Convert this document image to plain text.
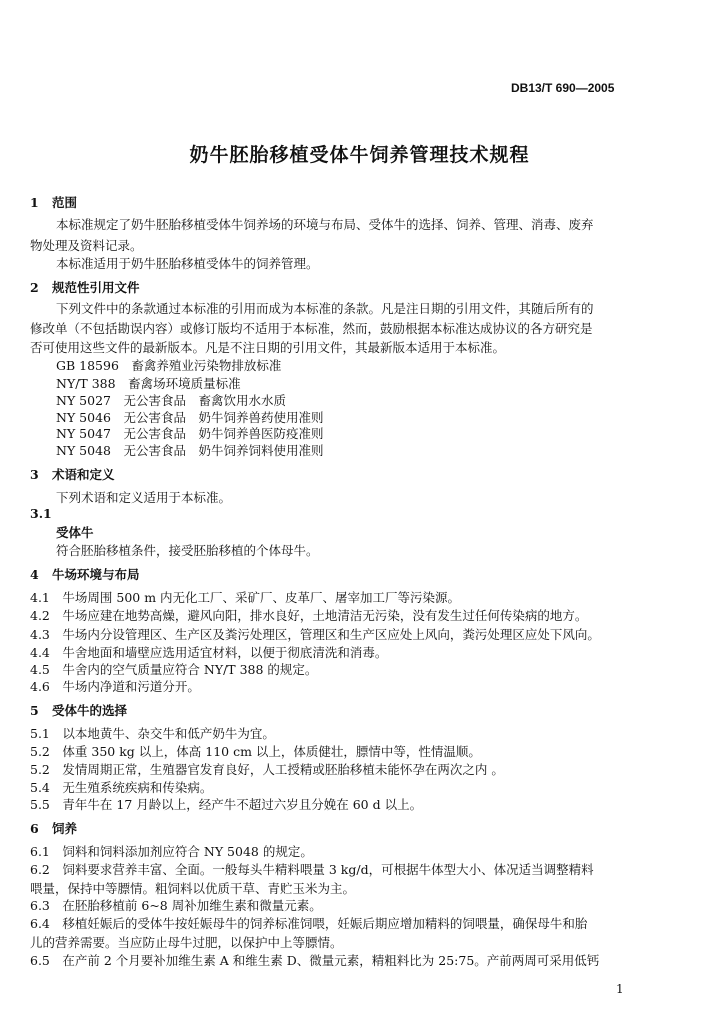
DB13/T 690—2005
奶牛胚胎移植受体牛饲养管理技术规程
1 范围
本标准规定了奶牛胚胎移植受体牛饲养场的环境与布局、受体牛的选择、饲养、管理、消毒、废弃
物处理及资料记录。
本标准适用于奶牛胚胎移植受体牛的饲养管理。
2 规范性引用文件
下列文件中的条款通过本标准的引用而成为本标准的条款。凡是注日期的引用文件，其随后所有的
修改单（不包括勘误内容）或修订版均不适用于本标准，然而，鼓励根据本标准达成协议的各方研究是
否可使用这些文件的最新版本。凡是不注日期的引用文件，其最新版本适用于本标准。
GB 18596　畜禽养殖业污染物排放标准
NY/T 388　畜禽场环境质量标准
NY 5027　无公害食品　畜禽饮用水水质
NY 5046　无公害食品　奶牛饲养兽药使用准则
NY 5047　无公害食品　奶牛饲养兽医防疫准则
NY 5048　无公害食品　奶牛饲养饲料使用准则
3 术语和定义
下列术语和定义适用于本标准。
3.1
受体牛
符合胚胎移植条件，接受胚胎移植的个体母牛。
4 牛场环境与布局
4.1　 牛场周围 500 m 内无化工厂、采矿厂、皮革厂、屠宰加工厂等污染源。
4.2　 牛场应建在地势高燥，避风向阳，排水良好，土地清洁无污染，没有发生过任何传染病的地方。
4.3　 牛场内分设管理区、生产区及粪污处理区，管理区和生产区应处上风向，粪污处理区应处下风向。
4.4　 牛舍地面和墙壁应选用适宜材料，以便于彻底清洗和消毒。
4.5　 牛舍内的空气质量应符合 NY/T 388 的规定。
4.6　 牛场内净道和污道分开。
5 受体牛的选择
5.1　 以本地黄牛、杂交牛和低产奶牛为宜。
5.2　 体重 350 kg 以上，体高 110 cm 以上，体质健壮，膘情中等，性情温顺。
5.2　 发情周期正常，生殖器官发育良好，人工授精或胚胎移植未能怀孕在两次之内 。
5.4　 无生殖系统疾病和传染病。
5.5　 青年牛在 17 月龄以上，经产牛不超过六岁且分娩在 60 d 以上。
6 饲养
6.1　 饲料和饲料添加剂应符合 NY 5048 的规定。
6.2　 饲料要求营养丰富、全面。一般每头牛精料喂量 3 kg/d，可根据牛体型大小、体况适当调整精料
喂量，保持中等膘情。粗饲料以优质干草、青贮玉米为主。
6.3　 在胚胎移植前 6~8 周补加维生素和微量元素。
6.4　 移植妊娠后的受体牛按妊娠母牛的饲养标准饲喂，妊娠后期应增加精料的饲喂量，确保母牛和胎
儿的营养需要。当应防止母牛过肥，以保护中上等膘情。
6.5　 在产前 2 个月要补加维生素 A 和维生素 D、微量元素，精粗料比为 25:75。产前两周可采用低钙
1
